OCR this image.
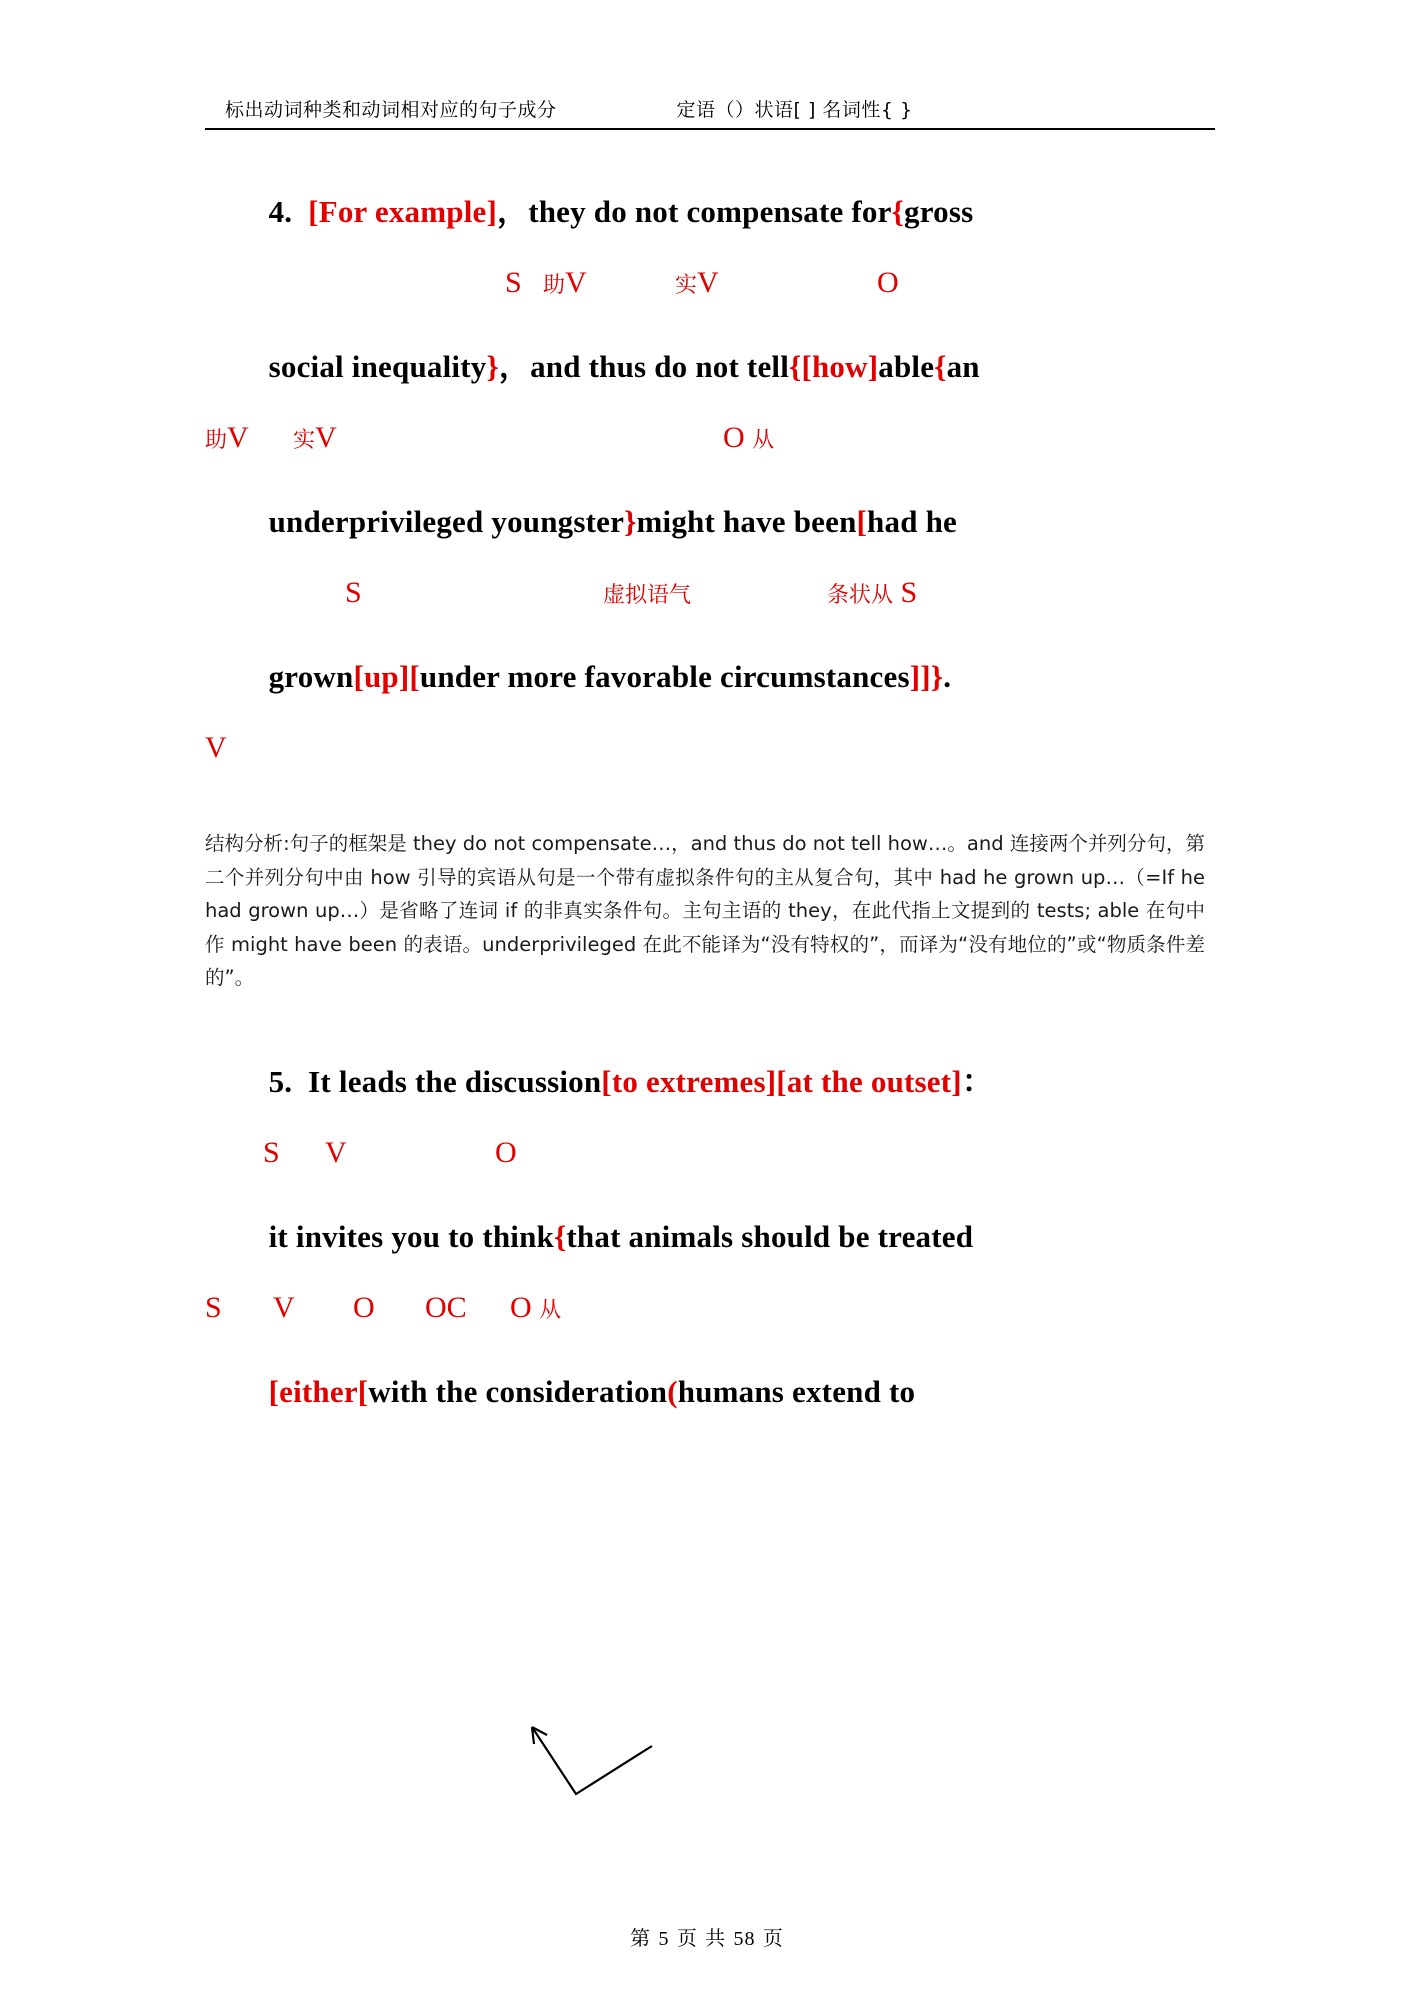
标出动词种类和动词相对应的句子成分	定语（）状语[ ] 名词性{ }

4.  [For example]，they do not compensate for{gross

S 助V	实V	O

social inequality}，and thus do not tell{[how]able{an

助V 实V	O 从

underprivileged youngster}might have been[had he

S	虚拟语气	条状从 S

grown[up][under more favorable circumstances]]}.

V
结构分析:句子的框架是 they do not compensate…，and thus do not tell how…。and 连接两个并列分句，第二个并列分句中由 how 引导的宾语从句是一个带有虚拟条件句的主从复合句，其中 had he grown up…（=If he had grown up…）是省略了连词 if 的非真实条件句。主句主语的 they，在此代指上文提到的 tests; able 在句中作 might have been 的表语。underprivileged 在此不能译为“没有特权的”，而译为“没有地位的”或“物质条件差的”。

5.  It leads the discussion[to extremes][at the outset]：

S V	O

it invites you to think{that animals should be treated

S V O OC O 从

[either[with the consideration(humans extend to

第 5 页 共 58 页
